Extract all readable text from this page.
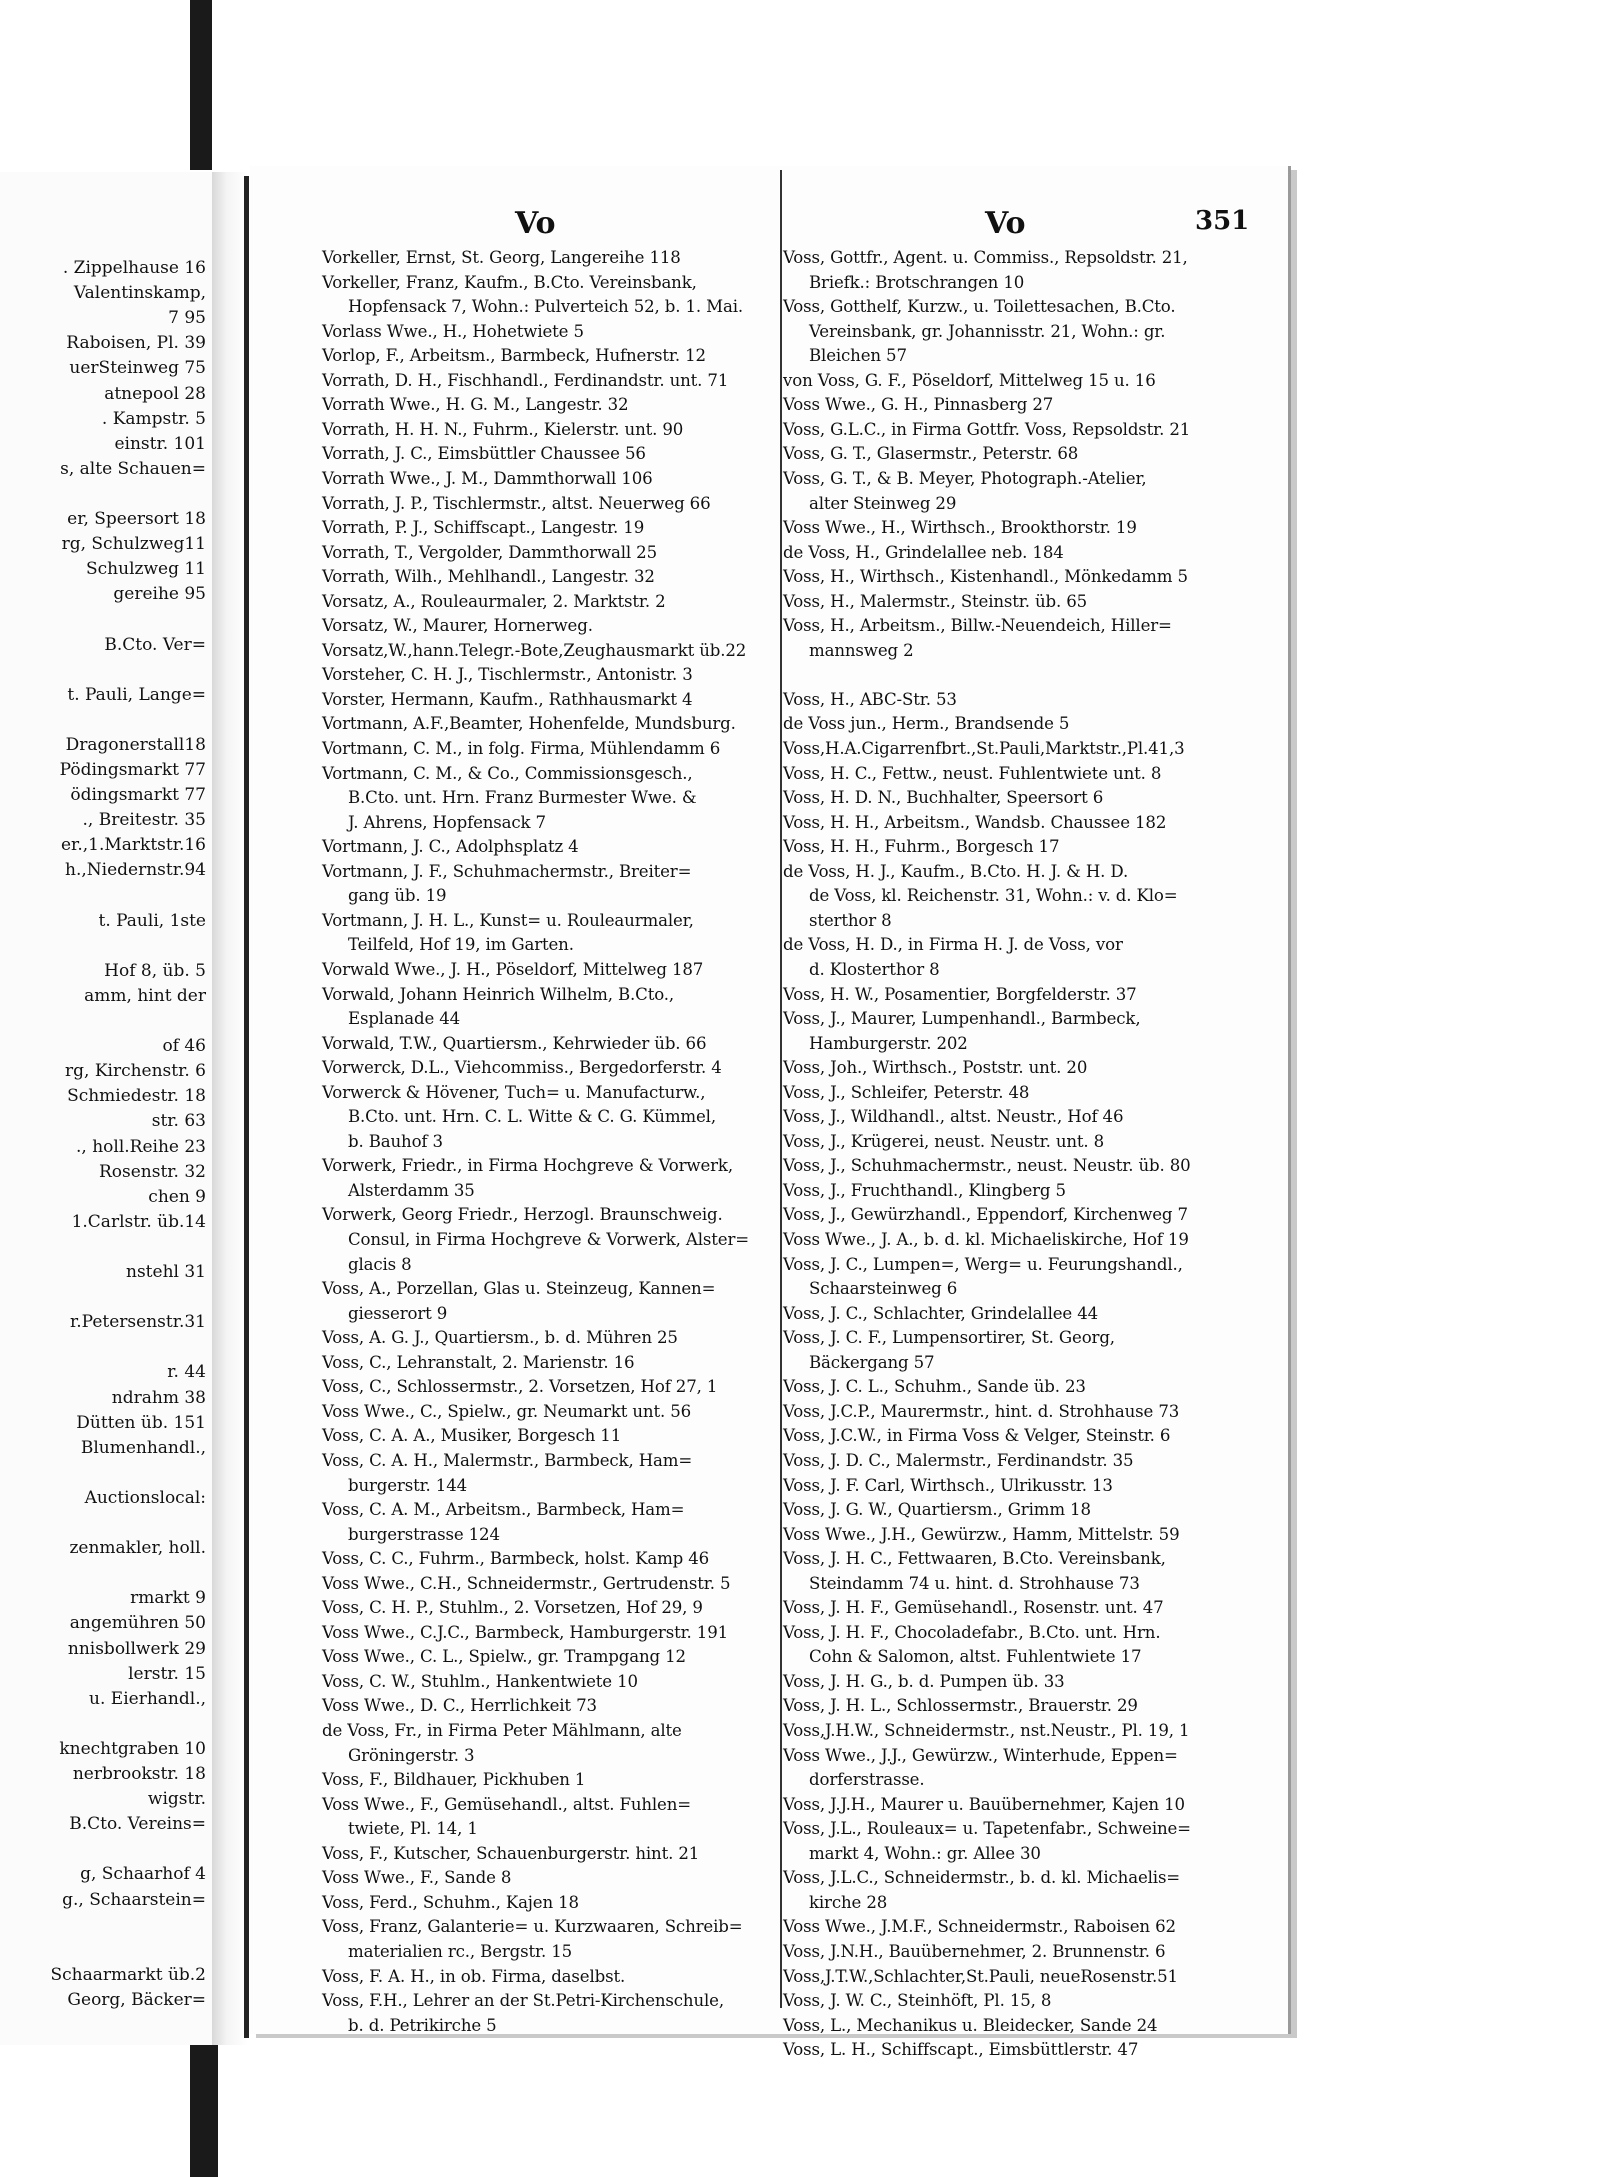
. Zippelhause 16
Valentinskamp,
7 95
Raboisen, Pl. 39
uerSteinweg 75
atnepool 28
. Kampstr. 5
einstr. 101
s, alte Schauen=
er, Speersort 18
rg, Schulzweg11
Schulzweg 11
gereihe 95
B.Cto. Ver=
t. Pauli, Lange=
Dragonerstall18
Pödingsmarkt 77
ödingsmarkt 77
., Breitestr. 35
er.,1.Marktstr.16
h.,Niedernstr.94
t. Pauli, 1ste
Hof 8, üb. 5
amm, hint der
of 46
rg, Kirchenstr. 6
Schmiedestr. 18
str. 63
., holl.Reihe 23
Rosenstr. 32
chen 9
1.Carlstr. üb.14
nstehl 31
r.Petersenstr.31
r. 44
ndrahm 38
Dütten üb. 151
Blumenhandl.,
Auctionslocal:
zenmakler, holl.
rmarkt 9
angemühren 50
nnisbollwerk 29
lerstr. 15
u. Eierhandl.,
knechtgraben 10
nerbrookstr. 18
wigstr.
B.Cto. Vereins=
g, Schaarhof 4
g., Schaarstein=
Schaarmarkt üb.2
Georg, Bäcker=
Vo	Vo	351
Vorkeller, Ernst, St. Georg, Langereihe 118
Vorkeller, Franz, Kaufm., B.Cto. Vereinsbank,
Hopfensack 7, Wohn.: Pulverteich 52, b. 1. Mai.
Vorlass Wwe., H., Hohetwiete 5
Vorlop, F., Arbeitsm., Barmbeck, Hufnerstr. 12
Vorrath, D. H., Fischhandl., Ferdinandstr. unt. 71
Vorrath Wwe., H. G. M., Langestr. 32
Vorrath, H. H. N., Fuhrm., Kielerstr. unt. 90
Vorrath, J. C., Eimsbüttler Chaussee 56
Vorrath Wwe., J. M., Dammthorwall 106
Vorrath, J. P., Tischlermstr., altst. Neuerweg 66
Vorrath, P. J., Schiffscapt., Langestr. 19
Vorrath, T., Vergolder, Dammthorwall 25
Vorrath, Wilh., Mehlhandl., Langestr. 32
Vorsatz, A., Rouleaurmaler, 2. Marktstr. 2
Vorsatz, W., Maurer, Hornerweg.
Vorsatz,W.,hann.Telegr.-Bote,Zeughausmarkt üb.22
Vorsteher, C. H. J., Tischlermstr., Antonistr. 3
Vorster, Hermann, Kaufm., Rathhausmarkt 4
Vortmann, A.F.,Beamter, Hohenfelde, Mundsburg.
Vortmann, C. M., in folg. Firma, Mühlendamm 6
Vortmann, C. M., & Co., Commissionsgesch.,
B.Cto. unt. Hrn. Franz Burmester Wwe. &
J. Ahrens, Hopfensack 7
Vortmann, J. C., Adolphsplatz 4
Vortmann, J. F., Schuhmachermstr., Breiter=
gang üb. 19
Vortmann, J. H. L., Kunst= u. Rouleaurmaler,
Teilfeld, Hof 19, im Garten.
Vorwald Wwe., J. H., Pöseldorf, Mittelweg 187
Vorwald, Johann Heinrich Wilhelm, B.Cto.,
Esplanade 44
Vorwald, T.W., Quartiersm., Kehrwieder üb. 66
Vorwerck, D.L., Viehcommiss., Bergedorferstr. 4
Vorwerck & Hövener, Tuch= u. Manufacturw.,
B.Cto. unt. Hrn. C. L. Witte & C. G. Kümmel,
b. Bauhof 3
Vorwerk, Friedr., in Firma Hochgreve & Vorwerk,
Alsterdamm 35
Vorwerk, Georg Friedr., Herzogl. Braunschweig.
Consul, in Firma Hochgreve & Vorwerk, Alster=
glacis 8
Voss, A., Porzellan, Glas u. Steinzeug, Kannen=
giesserort 9
Voss, A. G. J., Quartiersm., b. d. Mühren 25
Voss, C., Lehranstalt, 2. Marienstr. 16
Voss, C., Schlossermstr., 2. Vorsetzen, Hof 27, 1
Voss Wwe., C., Spielw., gr. Neumarkt unt. 56
Voss, C. A. A., Musiker, Borgesch 11
Voss, C. A. H., Malermstr., Barmbeck, Ham=
burgerstr. 144
Voss, C. A. M., Arbeitsm., Barmbeck, Ham=
burgerstrasse 124
Voss, C. C., Fuhrm., Barmbeck, holst. Kamp 46
Voss Wwe., C.H., Schneidermstr., Gertrudenstr. 5
Voss, C. H. P., Stuhlm., 2. Vorsetzen, Hof 29, 9
Voss Wwe., C.J.C., Barmbeck, Hamburgerstr. 191
Voss Wwe., C. L., Spielw., gr. Trampgang 12
Voss, C. W., Stuhlm., Hankentwiete 10
Voss Wwe., D. C., Herrlichkeit 73
de Voss, Fr., in Firma Peter Mählmann, alte
Gröningerstr. 3
Voss, F., Bildhauer, Pickhuben 1
Voss Wwe., F., Gemüsehandl., altst. Fuhlen=
twiete, Pl. 14, 1
Voss, F., Kutscher, Schauenburgerstr. hint. 21
Voss Wwe., F., Sande 8
Voss, Ferd., Schuhm., Kajen 18
Voss, Franz, Galanterie= u. Kurzwaaren, Schreib=
materialien rc., Bergstr. 15
Voss, F. A. H., in ob. Firma, daselbst.
Voss, F.H., Lehrer an der St.Petri-Kirchenschule,
b. d. Petrikirche 5
Voss, Gottfr., Agent. u. Commiss., Repsoldstr. 21,
Briefk.: Brotschrangen 10
Voss, Gotthelf, Kurzw., u. Toilettesachen, B.Cto.
Vereinsbank, gr. Johannisstr. 21, Wohn.: gr.
Bleichen 57
von Voss, G. F., Pöseldorf, Mittelweg 15 u. 16
Voss Wwe., G. H., Pinnasberg 27
Voss, G.L.C., in Firma Gottfr. Voss, Repsoldstr. 21
Voss, G. T., Glasermstr., Peterstr. 68
Voss, G. T., & B. Meyer, Photograph.-Atelier,
alter Steinweg 29
Voss Wwe., H., Wirthsch., Brookthorstr. 19
de Voss, H., Grindelallee neb. 184
Voss, H., Wirthsch., Kistenhandl., Mönkedamm 5
Voss, H., Malermstr., Steinstr. üb. 65
Voss, H., Arbeitsm., Billw.-Neuendeich, Hiller=
mannsweg 2
Voss, H., ABC-Str. 53
de Voss jun., Herm., Brandsende 5
Voss,H.A.Cigarrenfbrt.,St.Pauli,Marktstr.,Pl.41,3
Voss, H. C., Fettw., neust. Fuhlentwiete unt. 8
Voss, H. D. N., Buchhalter, Speersort 6
Voss, H. H., Arbeitsm., Wandsb. Chaussee 182
Voss, H. H., Fuhrm., Borgesch 17
de Voss, H. J., Kaufm., B.Cto. H. J. & H. D.
de Voss, kl. Reichenstr. 31, Wohn.: v. d. Klo=
sterthor 8
de Voss, H. D., in Firma H. J. de Voss, vor
d. Klosterthor 8
Voss, H. W., Posamentier, Borgfelderstr. 37
Voss, J., Maurer, Lumpenhandl., Barmbeck,
Hamburgerstr. 202
Voss, Joh., Wirthsch., Poststr. unt. 20
Voss, J., Schleifer, Peterstr. 48
Voss, J., Wildhandl., altst. Neustr., Hof 46
Voss, J., Krügerei, neust. Neustr. unt. 8
Voss, J., Schuhmachermstr., neust. Neustr. üb. 80
Voss, J., Fruchthandl., Klingberg 5
Voss, J., Gewürzhandl., Eppendorf, Kirchenweg 7
Voss Wwe., J. A., b. d. kl. Michaeliskirche, Hof 19
Voss, J. C., Lumpen=, Werg= u. Feurungshandl.,
Schaarsteinweg 6
Voss, J. C., Schlachter, Grindelallee 44
Voss, J. C. F., Lumpensortirer, St. Georg,
Bäckergang 57
Voss, J. C. L., Schuhm., Sande üb. 23
Voss, J.C.P., Maurermstr., hint. d. Strohhause 73
Voss, J.C.W., in Firma Voss & Velger, Steinstr. 6
Voss, J. D. C., Malermstr., Ferdinandstr. 35
Voss, J. F. Carl, Wirthsch., Ulrikusstr. 13
Voss, J. G. W., Quartiersm., Grimm 18
Voss Wwe., J.H., Gewürzw., Hamm, Mittelstr. 59
Voss, J. H. C., Fettwaaren, B.Cto. Vereinsbank,
Steindamm 74 u. hint. d. Strohhause 73
Voss, J. H. F., Gemüsehandl., Rosenstr. unt. 47
Voss, J. H. F., Chocoladefabr., B.Cto. unt. Hrn.
Cohn & Salomon, altst. Fuhlentwiete 17
Voss, J. H. G., b. d. Pumpen üb. 33
Voss, J. H. L., Schlossermstr., Brauerstr. 29
Voss,J.H.W., Schneidermstr., nst.Neustr., Pl. 19, 1
Voss Wwe., J.J., Gewürzw., Winterhude, Eppen=
dorferstrasse.
Voss, J.J.H., Maurer u. Bauübernehmer, Kajen 10
Voss, J.L., Rouleaux= u. Tapetenfabr., Schweine=
markt 4, Wohn.: gr. Allee 30
Voss, J.L.C., Schneidermstr., b. d. kl. Michaelis=
kirche 28
Voss Wwe., J.M.F., Schneidermstr., Raboisen 62
Voss, J.N.H., Bauübernehmer, 2. Brunnenstr. 6
Voss,J.T.W.,Schlachter,St.Pauli, neueRosenstr.51
Voss, J. W. C., Steinhöft, Pl. 15, 8
Voss, L., Mechanikus u. Bleidecker, Sande 24
Voss, L. H., Schiffscapt., Eimsbüttlerstr. 47
